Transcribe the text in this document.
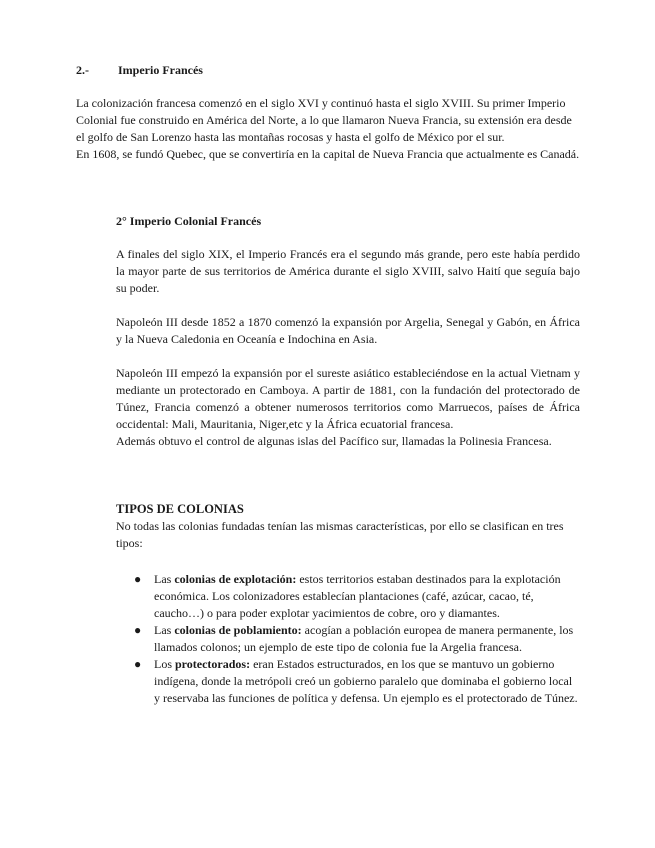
2.- Imperio Francés

La colonización francesa comenzó en el siglo XVI y continuó hasta el siglo XVIII. Su primer Imperio Colonial fue construido en América del Norte, a lo que llamaron Nueva Francia, su extensión era desde el golfo de San Lorenzo hasta las montañas rocosas y hasta el golfo de México por el sur.

En 1608, se fundó Quebec, que se convertiría en la capital de Nueva Francia que actualmente es Canadá.

2° Imperio Colonial Francés

A finales del siglo XIX, el Imperio Francés era el segundo más grande, pero este había perdido la mayor parte de sus territorios de América durante el siglo XVIII, salvo Haití que seguía bajo su poder.

Napoleón III desde 1852 a 1870 comenzó la expansión por Argelia, Senegal y Gabón, en África y la Nueva Caledonia en Oceanía e Indochina en Asia.

Napoleón III empezó la expansión por el sureste asiático estableciéndose en la actual Vietnam y mediante un protectorado en Camboya. A partir de 1881, con la fundación del protectorado de Túnez, Francia comenzó a obtener numerosos territorios como Marruecos, países de África occidental: Mali, Mauritania, Niger,etc y la África ecuatorial francesa.

Además obtuvo el control de algunas islas del Pacífico sur, llamadas la Polinesia Francesa.

TIPOS DE COLONIAS

No todas las colonias fundadas tenían las mismas características, por ello se clasifican en tres tipos:

● Las colonias de explotación: estos territorios estaban destinados para la explotación económica. Los colonizadores establecían plantaciones (café, azúcar, cacao, té, caucho…) o para poder explotar yacimientos de cobre, oro y diamantes.
● Las colonias de poblamiento: acogían a población europea de manera permanente, los llamados colonos; un ejemplo de este tipo de colonia fue la Argelia francesa.
● Los protectorados: eran Estados estructurados, en los que se mantuvo un gobierno indígena, donde la metrópoli creó un gobierno paralelo que dominaba el gobierno local y reservaba las funciones de política y defensa. Un ejemplo es el protectorado de Túnez.
